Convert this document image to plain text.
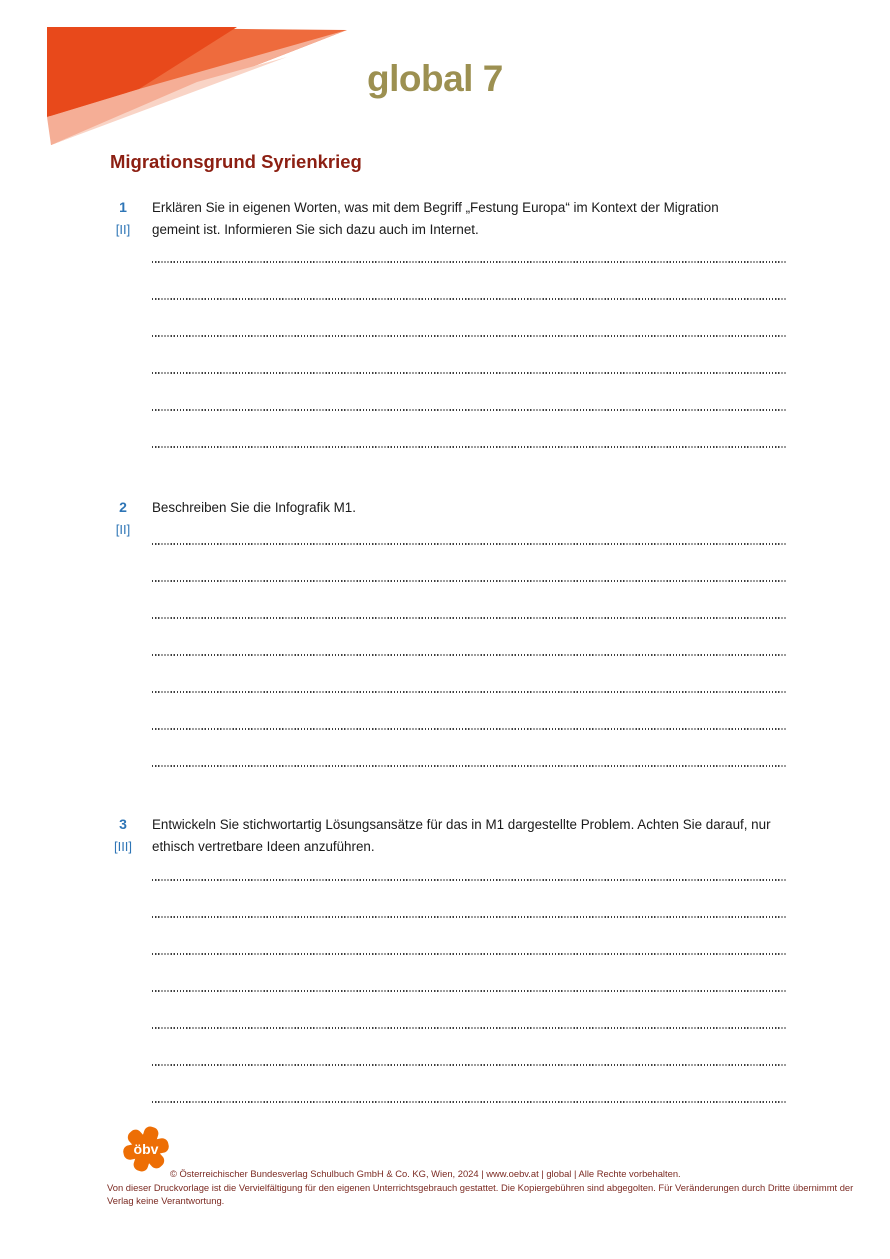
global 7
Migrationsgrund Syrienkrieg
1
[II]
Erklären Sie in eigenen Worten, was mit dem Begriff „Festung Europa“ im Kontext der Migration
gemeint ist. Informieren Sie sich dazu auch im Internet.
2
[II]
Beschreiben Sie die Infografik M1.
3
[III]
Entwickeln Sie stichwortartig Lösungsansätze für das in M1 dargestellte Problem. Achten Sie darauf, nur
ethisch vertretbare Ideen anzuführen.
öbv
© Österreichischer Bundesverlag Schulbuch GmbH & Co. KG, Wien, 2024 | www.oebv.at | global | Alle Rechte vorbehalten.
Von dieser Druckvorlage ist die Vervielfältigung für den eigenen Unterrichtsgebrauch gestattet. Die Kopiergebühren sind abgegolten. Für Veränderungen durch Dritte übernimmt der
Verlag keine Verantwortung.
